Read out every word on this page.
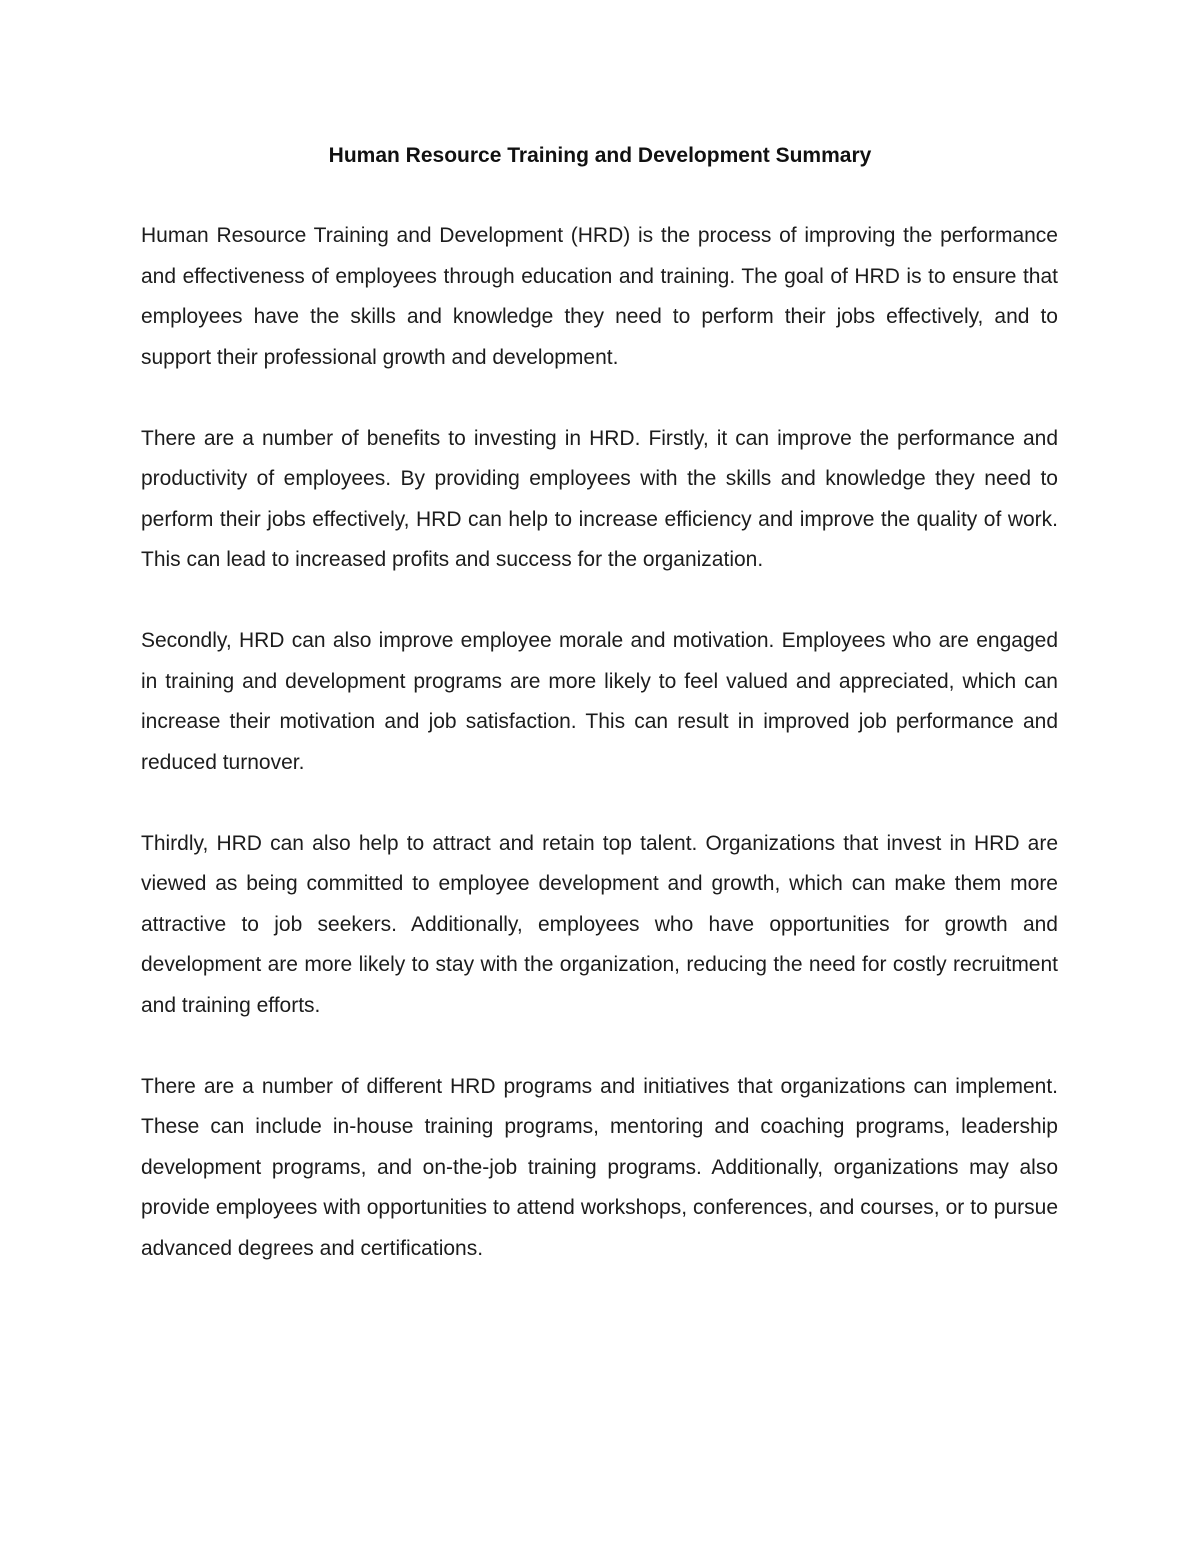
Human Resource Training and Development Summary

Human Resource Training and Development (HRD) is the process of improving the performance and effectiveness of employees through education and training. The goal of HRD is to ensure that employees have the skills and knowledge they need to perform their jobs effectively, and to support their professional growth and development.

There are a number of benefits to investing in HRD. Firstly, it can improve the performance and productivity of employees. By providing employees with the skills and knowledge they need to perform their jobs effectively, HRD can help to increase efficiency and improve the quality of work. This can lead to increased profits and success for the organization.

Secondly, HRD can also improve employee morale and motivation. Employees who are engaged in training and development programs are more likely to feel valued and appreciated, which can increase their motivation and job satisfaction. This can result in improved job performance and reduced turnover.

Thirdly, HRD can also help to attract and retain top talent. Organizations that invest in HRD are viewed as being committed to employee development and growth, which can make them more attractive to job seekers. Additionally, employees who have opportunities for growth and development are more likely to stay with the organization, reducing the need for costly recruitment and training efforts.

There are a number of different HRD programs and initiatives that organizations can implement. These can include in-house training programs, mentoring and coaching programs, leadership development programs, and on-the-job training programs. Additionally, organizations may also provide employees with opportunities to attend workshops, conferences, and courses, or to pursue advanced degrees and certifications.
